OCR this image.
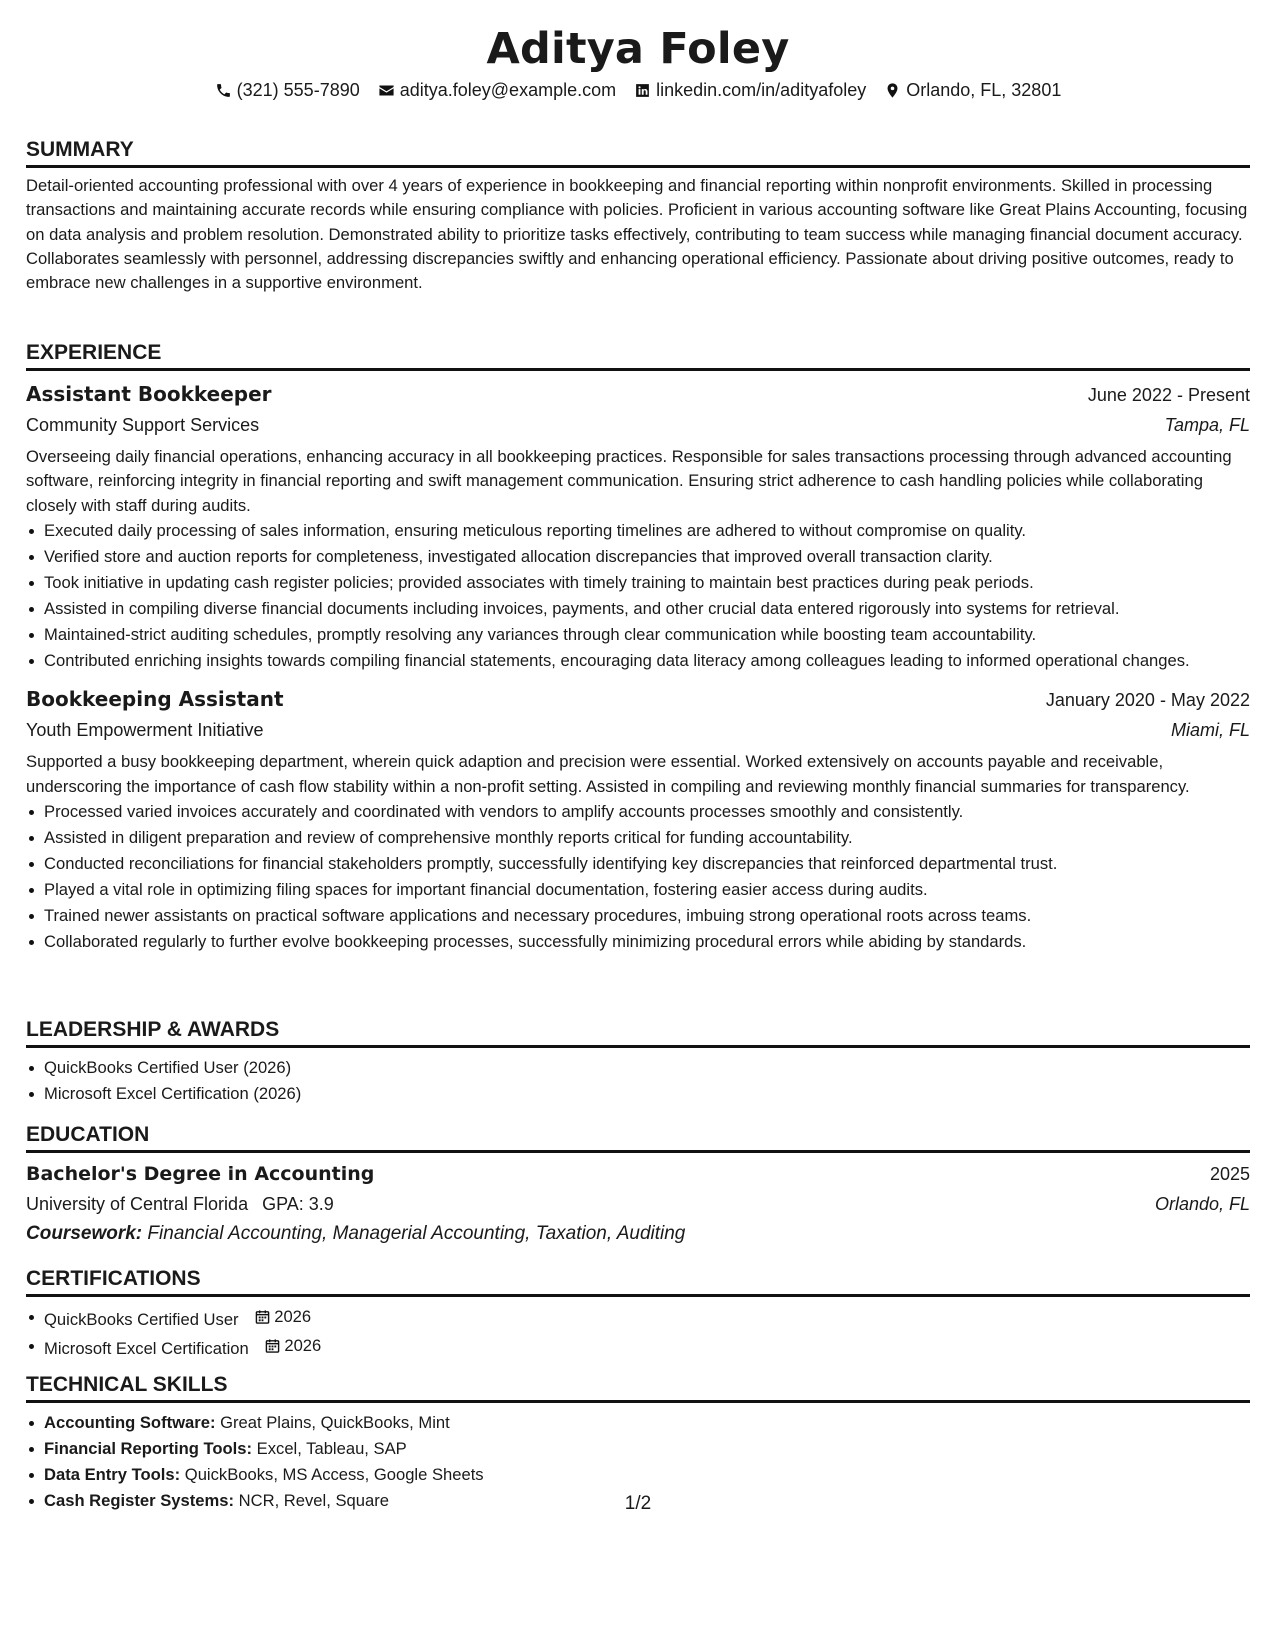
Aditya Foley
(321) 555-7890 aditya.foley@example.com linkedin.com/in/adityafoley Orlando, FL, 32801
SUMMARY
Detail-oriented accounting professional with over 4 years of experience in bookkeeping and financial reporting within nonprofit environments. Skilled in processing transactions and maintaining accurate records while ensuring compliance with policies. Proficient in various accounting software like Great Plains Accounting, focusing on data analysis and problem resolution. Demonstrated ability to prioritize tasks effectively, contributing to team success while managing financial document accuracy. Collaborates seamlessly with personnel, addressing discrepancies swiftly and enhancing operational efficiency. Passionate about driving positive outcomes, ready to embrace new challenges in a supportive environment.
EXPERIENCE
Assistant Bookkeeper	June 2022 - Present
Community Support Services	Tampa, FL
Overseeing daily financial operations, enhancing accuracy in all bookkeeping practices. Responsible for sales transactions processing through advanced accounting software, reinforcing integrity in financial reporting and swift management communication. Ensuring strict adherence to cash handling policies while collaborating closely with staff during audits.
Executed daily processing of sales information, ensuring meticulous reporting timelines are adhered to without compromise on quality.
Verified store and auction reports for completeness, investigated allocation discrepancies that improved overall transaction clarity.
Took initiative in updating cash register policies; provided associates with timely training to maintain best practices during peak periods.
Assisted in compiling diverse financial documents including invoices, payments, and other crucial data entered rigorously into systems for retrieval.
Maintained-strict auditing schedules, promptly resolving any variances through clear communication while boosting team accountability.
Contributed enriching insights towards compiling financial statements, encouraging data literacy among colleagues leading to informed operational changes.
Bookkeeping Assistant	January 2020 - May 2022
Youth Empowerment Initiative	Miami, FL
Supported a busy bookkeeping department, wherein quick adaption and precision were essential. Worked extensively on accounts payable and receivable, underscoring the importance of cash flow stability within a non-profit setting. Assisted in compiling and reviewing monthly financial summaries for transparency.
Processed varied invoices accurately and coordinated with vendors to amplify accounts processes smoothly and consistently.
Assisted in diligent preparation and review of comprehensive monthly reports critical for funding accountability.
Conducted reconciliations for financial stakeholders promptly, successfully identifying key discrepancies that reinforced departmental trust.
Played a vital role in optimizing filing spaces for important financial documentation, fostering easier access during audits.
Trained newer assistants on practical software applications and necessary procedures, imbuing strong operational roots across teams.
Collaborated regularly to further evolve bookkeeping processes, successfully minimizing procedural errors while abiding by standards.
LEADERSHIP & AWARDS
QuickBooks Certified User (2026)
Microsoft Excel Certification (2026)
EDUCATION
Bachelor's Degree in Accounting	2025
University of Central Florida GPA: 3.9	Orlando, FL
Coursework: Financial Accounting, Managerial Accounting, Taxation, Auditing
CERTIFICATIONS
QuickBooks Certified User 2026
Microsoft Excel Certification 2026
TECHNICAL SKILLS
Accounting Software: Great Plains, QuickBooks, Mint
Financial Reporting Tools: Excel, Tableau, SAP
Data Entry Tools: QuickBooks, MS Access, Google Sheets
Cash Register Systems: NCR, Revel, Square	1/2
